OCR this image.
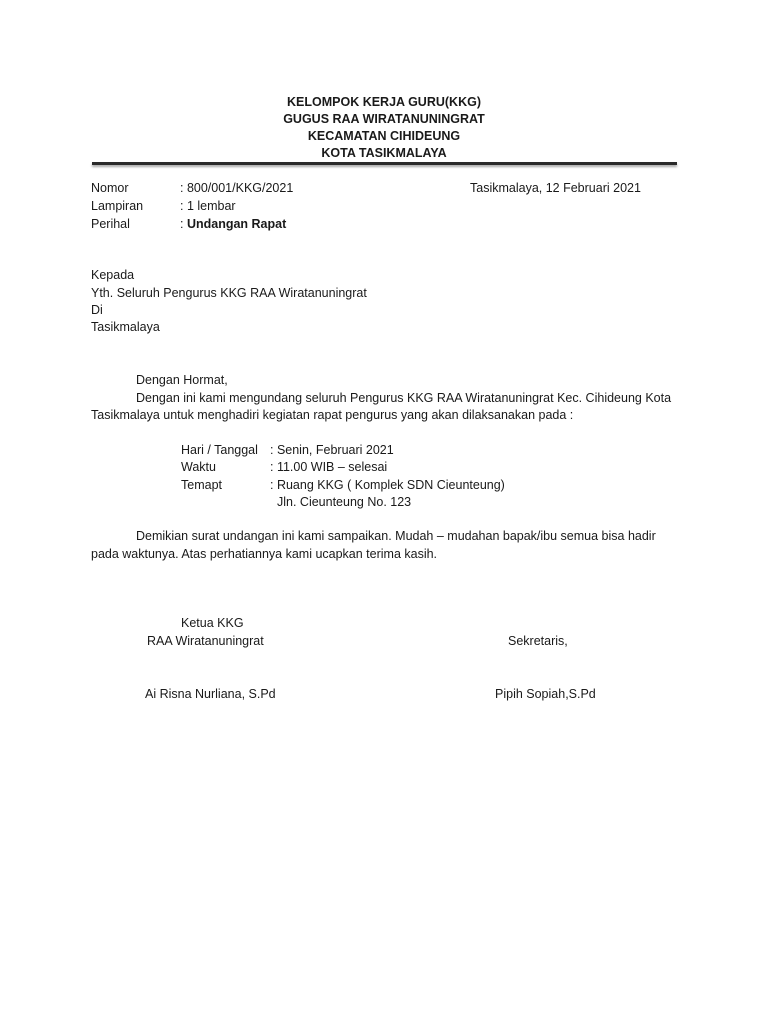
KELOMPOK KERJA GURU(KKG)
GUGUS RAA WIRATANUNINGRAT
KECAMATAN CIHIDEUNG
KOTA TASIKMALAYA
Nomor	: 800/001/KKG/2021	Tasikmalaya, 12 Februari 2021
Lampiran	: 1 lembar
Perihal	: Undangan Rapat
Kepada
Yth. Seluruh Pengurus KKG RAA Wiratanuningrat
Di
Tasikmalaya
Dengan Hormat,
Dengan ini kami mengundang seluruh Pengurus KKG RAA Wiratanuningrat Kec. Cihideung Kota
Tasikmalaya untuk menghadiri kegiatan rapat pengurus yang akan dilaksanakan pada :
Hari / Tanggal : Senin, Februari 2021
Waktu	: 11.00 WIB – selesai
Temapt	: Ruang KKG ( Komplek SDN Cieunteung)
Jln. Cieunteung No. 123
Demikian surat undangan ini kami sampaikan. Mudah – mudahan bapak/ibu semua bisa hadir
pada waktunya. Atas perhatiannya kami ucapkan terima kasih.
Ketua KKG
RAA Wiratanuningrat	Sekretaris,
Ai Risna Nurliana, S.Pd	Pipih Sopiah,S.Pd
